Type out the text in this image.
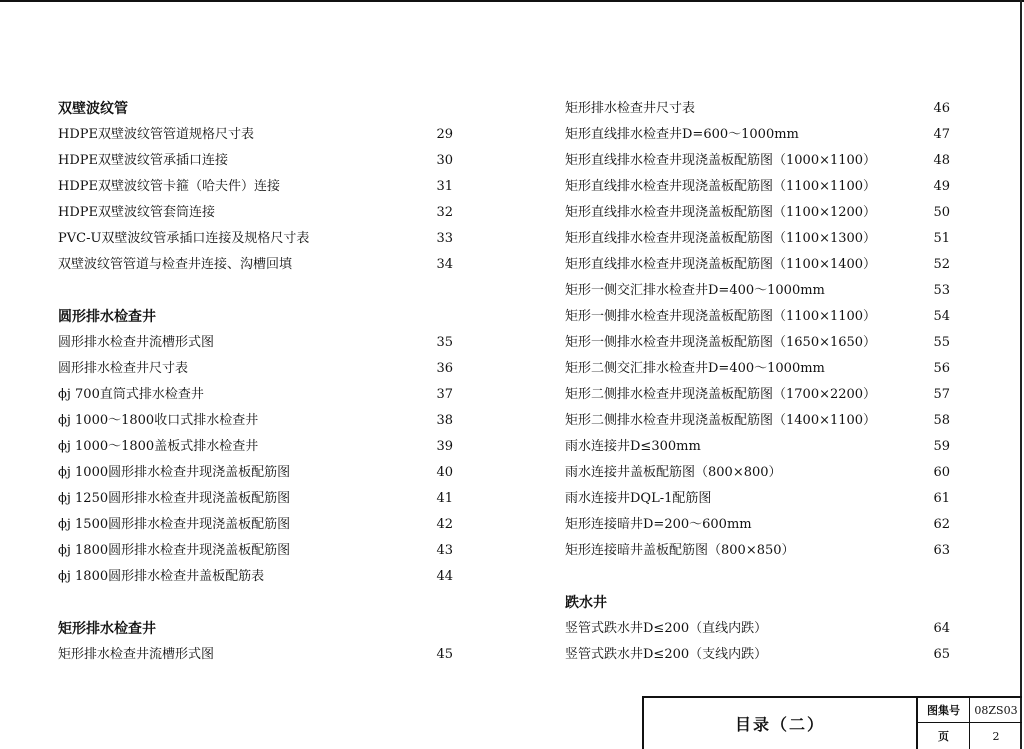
双壁波纹管
HDPE双壁波纹管管道规格尺寸表	29
HDPE双壁波纹管承插口连接	30
HDPE双壁波纹管卡箍（哈夫件）连接	31
HDPE双壁波纹管套筒连接	32
PVC-U双壁波纹管承插口连接及规格尺寸表	33
双壁波纹管管道与检查井连接、沟槽回填	34
圆形排水检查井
圆形排水检查井流槽形式图	35
圆形排水检查井尺寸表	36
ϕj 700直筒式排水检查井	37
ϕj 1000～1800收口式排水检查井	38
ϕj 1000～1800盖板式排水检查井	39
ϕj 1000圆形排水检查井现浇盖板配筋图	40
ϕj 1250圆形排水检查井现浇盖板配筋图	41
ϕj 1500圆形排水检查井现浇盖板配筋图	42
ϕj 1800圆形排水检查井现浇盖板配筋图	43
ϕj 1800圆形排水检查井盖板配筋表	44
矩形排水检查井
矩形排水检查井流槽形式图	45
矩形排水检查井尺寸表	46
矩形直线排水检查井D=600～1000mm	47
矩形直线排水检查井现浇盖板配筋图（1000×1100）	48
矩形直线排水检查井现浇盖板配筋图（1100×1100）	49
矩形直线排水检查井现浇盖板配筋图（1100×1200）	50
矩形直线排水检查井现浇盖板配筋图（1100×1300）	51
矩形直线排水检查井现浇盖板配筋图（1100×1400）	52
矩形一侧交汇排水检查井D=400～1000mm	53
矩形一侧排水检查井现浇盖板配筋图（1100×1100）	54
矩形一侧排水检查井现浇盖板配筋图（1650×1650）	55
矩形二侧交汇排水检查井D=400～1000mm	56
矩形二侧排水检查井现浇盖板配筋图（1700×2200）	57
矩形二侧排水检查井现浇盖板配筋图（1400×1100）	58
雨水连接井D≤300mm	59
雨水连接井盖板配筋图（800×800）	60
雨水连接井DQL-1配筋图	61
矩形连接暗井D=200～600mm	62
矩形连接暗井盖板配筋图（800×850）	63
跌水井
竖管式跌水井D≤200（直线内跌）	64
竖管式跌水井D≤200（支线内跌）	65
目录（二）
图集号	08ZS03
页	2
